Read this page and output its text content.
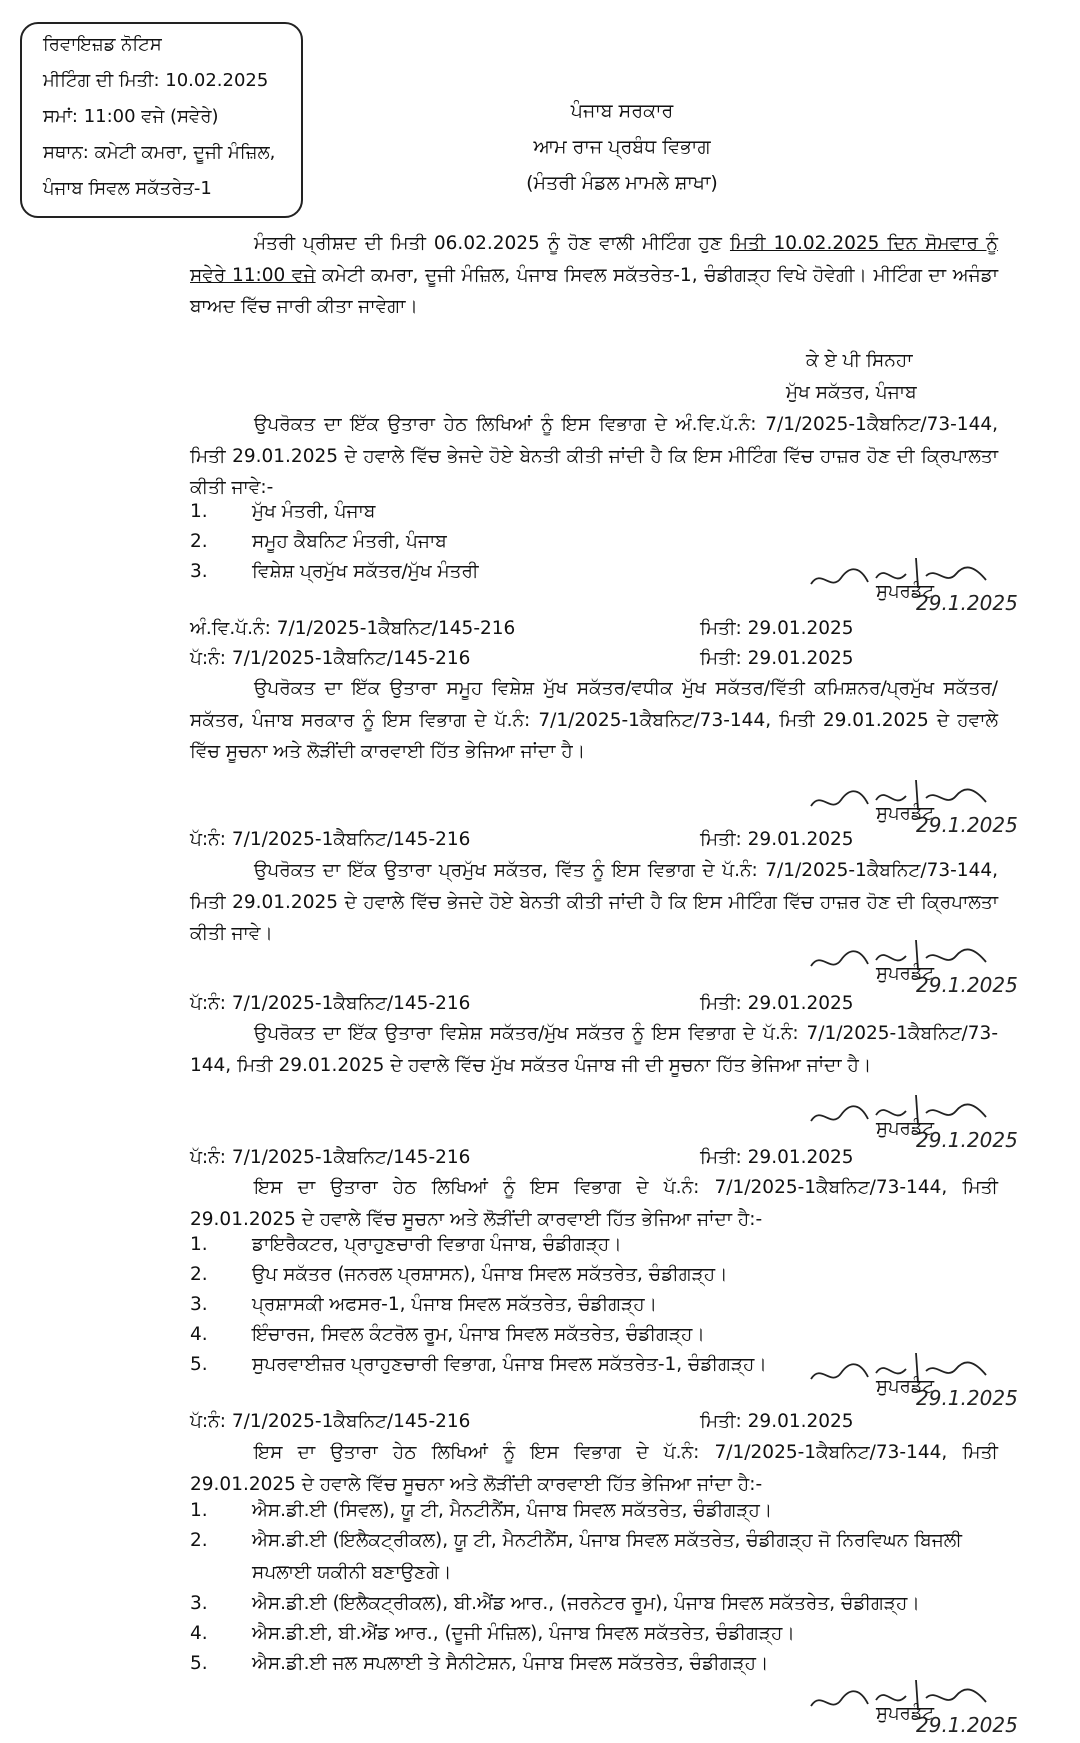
ਰਿਵਾਇਜ਼ਡ ਨੋਟਿਸ
ਮੀਟਿੰਗ ਦੀ ਮਿਤੀ: 10.02.2025
ਸਮਾਂ: 11:00 ਵਜੇ (ਸਵੇਰੇ)
ਸਥਾਨ: ਕਮੇਟੀ ਕਮਰਾ, ਦੂਜੀ ਮੰਜ਼ਿਲ,
ਪੰਜਾਬ ਸਿਵਲ ਸਕੱਤਰੇਤ-1
ਪੰਜਾਬ ਸਰਕਾਰ
ਆਮ ਰਾਜ ਪ੍ਰਬੰਧ ਵਿਭਾਗ
(ਮੰਤਰੀ ਮੰਡਲ ਮਾਮਲੇ ਸ਼ਾਖਾ)
ਮੰਤਰੀ ਪ੍ਰੀਸ਼ਦ ਦੀ ਮਿਤੀ 06.02.2025 ਨੂੰ ਹੋਣ ਵਾਲੀ ਮੀਟਿੰਗ ਹੁਣ ਮਿਤੀ 10.02.2025 ਦਿਨ ਸੋਮਵਾਰ ਨੂੰ ਸਵੇਰੇ 11:00 ਵਜੇ ਕਮੇਟੀ ਕਮਰਾ, ਦੂਜੀ ਮੰਜ਼ਿਲ, ਪੰਜਾਬ ਸਿਵਲ ਸਕੱਤਰੇਤ-1, ਚੰਡੀਗੜ੍ਹ ਵਿਖੇ ਹੋਵੇਗੀ। ਮੀਟਿੰਗ ਦਾ ਅਜੰਡਾ ਬਾਅਦ ਵਿੱਚ ਜਾਰੀ ਕੀਤਾ ਜਾਵੇਗਾ।
ਕੇ ਏ ਪੀ ਸਿਨਹਾ
ਮੁੱਖ ਸਕੱਤਰ, ਪੰਜਾਬ
ਉਪਰੋਕਤ ਦਾ ਇੱਕ ਉਤਾਰਾ ਹੇਠ ਲਿਖਿਆਂ ਨੂੰ ਇਸ ਵਿਭਾਗ ਦੇ ਅੰ.ਵਿ.ਪੱ.ਨੰ: 7/1/2025-1ਕੈਬਨਿਟ/73-144, ਮਿਤੀ 29.01.2025 ਦੇ ਹਵਾਲੇ ਵਿੱਚ ਭੇਜਦੇ ਹੋਏ ਬੇਨਤੀ ਕੀਤੀ ਜਾਂਦੀ ਹੈ ਕਿ ਇਸ ਮੀਟਿੰਗ ਵਿੱਚ ਹਾਜ਼ਰ ਹੋਣ ਦੀ ਕ੍ਰਿਪਾਲਤਾ ਕੀਤੀ ਜਾਵੇ:-
1. ਮੁੱਖ ਮੰਤਰੀ, ਪੰਜਾਬ
2. ਸਮੂਹ ਕੈਬਨਿਟ ਮੰਤਰੀ, ਪੰਜਾਬ
3. ਵਿਸ਼ੇਸ਼ ਪ੍ਰਮੁੱਖ ਸਕੱਤਰ/ਮੁੱਖ ਮੰਤਰੀ
29.1.2025
ਸੁਪਰਡੰਟ
ਅੰ.ਵਿ.ਪੱ.ਨੰ: 7/1/2025-1ਕੈਬਨਿਟ/145-216	ਮਿਤੀ: 29.01.2025
ਪੱ:ਨੰ: 7/1/2025-1ਕੈਬਨਿਟ/145-216	ਮਿਤੀ: 29.01.2025
ਉਪਰੋਕਤ ਦਾ ਇੱਕ ਉਤਾਰਾ ਸਮੂਹ ਵਿਸ਼ੇਸ਼ ਮੁੱਖ ਸਕੱਤਰ/ਵਧੀਕ ਮੁੱਖ ਸਕੱਤਰ/ਵਿੱਤੀ ਕਮਿਸ਼ਨਰ/ਪ੍ਰਮੁੱਖ ਸਕੱਤਰ/ਸਕੱਤਰ, ਪੰਜਾਬ ਸਰਕਾਰ ਨੂੰ ਇਸ ਵਿਭਾਗ ਦੇ ਪੱ.ਨੰ: 7/1/2025-1ਕੈਬਨਿਟ/73-144, ਮਿਤੀ 29.01.2025 ਦੇ ਹਵਾਲੇ ਵਿੱਚ ਸੂਚਨਾ ਅਤੇ ਲੋੜੀਂਦੀ ਕਾਰਵਾਈ ਹਿੱਤ ਭੇਜਿਆ ਜਾਂਦਾ ਹੈ।
29.1.2025
ਸੁਪਰਡੰਟ
ਪੱ:ਨੰ: 7/1/2025-1ਕੈਬਨਿਟ/145-216	ਮਿਤੀ: 29.01.2025
ਉਪਰੋਕਤ ਦਾ ਇੱਕ ਉਤਾਰਾ ਪ੍ਰਮੁੱਖ ਸਕੱਤਰ, ਵਿੱਤ ਨੂੰ ਇਸ ਵਿਭਾਗ ਦੇ ਪੱ.ਨੰ: 7/1/2025-1ਕੈਬਨਿਟ/73-144, ਮਿਤੀ 29.01.2025 ਦੇ ਹਵਾਲੇ ਵਿੱਚ ਭੇਜਦੇ ਹੋਏ ਬੇਨਤੀ ਕੀਤੀ ਜਾਂਦੀ ਹੈ ਕਿ ਇਸ ਮੀਟਿੰਗ ਵਿੱਚ ਹਾਜ਼ਰ ਹੋਣ ਦੀ ਕ੍ਰਿਪਾਲਤਾ ਕੀਤੀ ਜਾਵੇ।
29.1.2025
ਸੁਪਰਡੰਟ
ਪੱ:ਨੰ: 7/1/2025-1ਕੈਬਨਿਟ/145-216	ਮਿਤੀ: 29.01.2025
ਉਪਰੋਕਤ ਦਾ ਇੱਕ ਉਤਾਰਾ ਵਿਸ਼ੇਸ਼ ਸਕੱਤਰ/ਮੁੱਖ ਸਕੱਤਰ ਨੂੰ ਇਸ ਵਿਭਾਗ ਦੇ ਪੱ.ਨੰ: 7/1/2025-1ਕੈਬਨਿਟ/73-144, ਮਿਤੀ 29.01.2025 ਦੇ ਹਵਾਲੇ ਵਿੱਚ ਮੁੱਖ ਸਕੱਤਰ ਪੰਜਾਬ ਜੀ ਦੀ ਸੂਚਨਾ ਹਿੱਤ ਭੇਜਿਆ ਜਾਂਦਾ ਹੈ।
29.1.2025
ਸੁਪਰਡੰਟ
ਪੱ:ਨੰ: 7/1/2025-1ਕੈਬਨਿਟ/145-216	ਮਿਤੀ: 29.01.2025
ਇਸ ਦਾ ਉਤਾਰਾ ਹੇਠ ਲਿਖਿਆਂ ਨੂੰ ਇਸ ਵਿਭਾਗ ਦੇ ਪੱ.ਨੰ: 7/1/2025-1ਕੈਬਨਿਟ/73-144, ਮਿਤੀ 29.01.2025 ਦੇ ਹਵਾਲੇ ਵਿੱਚ ਸੂਚਨਾ ਅਤੇ ਲੋੜੀਂਦੀ ਕਾਰਵਾਈ ਹਿੱਤ ਭੇਜਿਆ ਜਾਂਦਾ ਹੈ:-
1. ਡਾਇਰੈਕਟਰ, ਪ੍ਰਾਹੁਣਚਾਰੀ ਵਿਭਾਗ ਪੰਜਾਬ, ਚੰਡੀਗੜ੍ਹ।
2. ਉਪ ਸਕੱਤਰ (ਜਨਰਲ ਪ੍ਰਸ਼ਾਸਨ), ਪੰਜਾਬ ਸਿਵਲ ਸਕੱਤਰੇਤ, ਚੰਡੀਗੜ੍ਹ।
3. ਪ੍ਰਸ਼ਾਸਕੀ ਅਫਸਰ-1, ਪੰਜਾਬ ਸਿਵਲ ਸਕੱਤਰੇਤ, ਚੰਡੀਗੜ੍ਹ।
4. ਇੰਚਾਰਜ, ਸਿਵਲ ਕੰਟਰੋਲ ਰੂਮ, ਪੰਜਾਬ ਸਿਵਲ ਸਕੱਤਰੇਤ, ਚੰਡੀਗੜ੍ਹ।
5. ਸੁਪਰਵਾਈਜ਼ਰ ਪ੍ਰਾਹੁਣਚਾਰੀ ਵਿਭਾਗ, ਪੰਜਾਬ ਸਿਵਲ ਸਕੱਤਰੇਤ-1, ਚੰਡੀਗੜ੍ਹ।
29.1.2025
ਸੁਪਰਡੰਟ
ਪੱ:ਨੰ: 7/1/2025-1ਕੈਬਨਿਟ/145-216	ਮਿਤੀ: 29.01.2025
ਇਸ ਦਾ ਉਤਾਰਾ ਹੇਠ ਲਿਖਿਆਂ ਨੂੰ ਇਸ ਵਿਭਾਗ ਦੇ ਪੱ.ਨੰ: 7/1/2025-1ਕੈਬਨਿਟ/73-144, ਮਿਤੀ 29.01.2025 ਦੇ ਹਵਾਲੇ ਵਿੱਚ ਸੂਚਨਾ ਅਤੇ ਲੋੜੀਂਦੀ ਕਾਰਵਾਈ ਹਿੱਤ ਭੇਜਿਆ ਜਾਂਦਾ ਹੈ:-
1. ਐਸ.ਡੀ.ਈ (ਸਿਵਲ), ਯੂ ਟੀ, ਮੈਨਟੀਨੈਂਸ, ਪੰਜਾਬ ਸਿਵਲ ਸਕੱਤਰੇਤ, ਚੰਡੀਗੜ੍ਹ।
2. ਐਸ.ਡੀ.ਈ (ਇਲੈਕਟ੍ਰੀਕਲ), ਯੂ ਟੀ, ਮੈਨਟੀਨੈਂਸ, ਪੰਜਾਬ ਸਿਵਲ ਸਕੱਤਰੇਤ, ਚੰਡੀਗੜ੍ਹ ਜੋ ਨਿਰਵਿਘਨ ਬਿਜਲੀ ਸਪਲਾਈ ਯਕੀਨੀ ਬਣਾਉਣਗੇ।
3. ਐਸ.ਡੀ.ਈ (ਇਲੈਕਟ੍ਰੀਕਲ), ਬੀ.ਐਂਡ ਆਰ., (ਜਰਨੇਟਰ ਰੂਮ), ਪੰਜਾਬ ਸਿਵਲ ਸਕੱਤਰੇਤ, ਚੰਡੀਗੜ੍ਹ।
4. ਐਸ.ਡੀ.ਈ, ਬੀ.ਐਂਡ ਆਰ., (ਦੂਜੀ ਮੰਜ਼ਿਲ), ਪੰਜਾਬ ਸਿਵਲ ਸਕੱਤਰੇਤ, ਚੰਡੀਗੜ੍ਹ।
5. ਐਸ.ਡੀ.ਈ ਜਲ ਸਪਲਾਈ ਤੇ ਸੈਨੀਟੇਸ਼ਨ, ਪੰਜਾਬ ਸਿਵਲ ਸਕੱਤਰੇਤ, ਚੰਡੀਗੜ੍ਹ।
29.1.2025
ਸੁਪਰਡੰਟ
